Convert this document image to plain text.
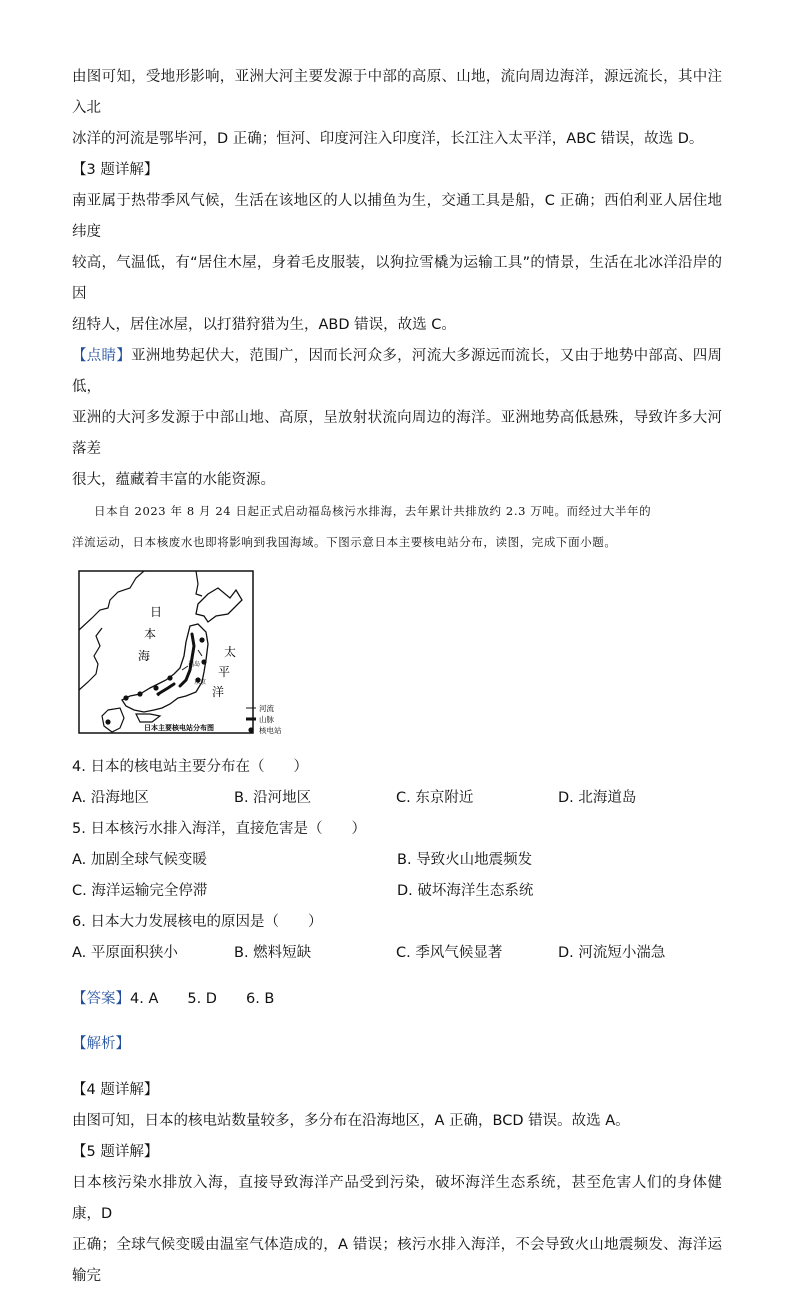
由图可知，受地形影响，亚洲大河主要发源于中部的高原、山地，流向周边海洋，源远流长，其中注入北

冰洋的河流是鄂毕河，D 正确；恒河、印度河注入印度洋，长江注入太平洋，ABC 错误，故选 D。

【3 题详解】

南亚属于热带季风气候，生活在该地区的人以捕鱼为生，交通工具是船，C 正确；西伯利亚人居住地纬度

较高，气温低，有“居住木屋，身着毛皮服装，以狗拉雪橇为运输工具”的情景，生活在北冰洋沿岸的因

纽特人，居住冰屋，以打猎狩猎为生，ABD 错误，故选 C。

【点睛】亚洲地势起伏大，范围广，因而长河众多，河流大多源远而流长，又由于地势中部高、四周低，

亚洲的大河多发源于中部山地、高原，呈放射状流向周边的海洋。亚洲地势高低悬殊，导致许多大河落差

很大，蕴藏着丰富的水能资源。

日本自 2023 年 8 月 24 日起正式启动福岛核污水排海，去年累计共排放约 2.3 万吨。而经过大半年的

洋流运动，日本核废水也即将影响到我国海域。下图示意日本主要核电站分布，读图，完成下面小题。

日
本
海	太
平
洋
福岛
东京
日本主要核电站分布图
河流
山脉
核电站

4. 日本的核电站主要分布在（　　）

A. 沿海地区	B. 沿河地区	C. 东京附近	D. 北海道岛

5. 日本核污水排入海洋，直接危害是（　　）

A. 加剧全球气候变暖	B. 导致火山地震频发
C. 海洋运输完全停滞	D. 破坏海洋生态系统

6. 日本大力发展核电的原因是（　　）

A. 平原面积狭小	B. 燃料短缺	C. 季风气候显著	D. 河流短小湍急

【答案】4. A　　5. D　　6. B

【解析】

【4 题详解】

由图可知，日本的核电站数量较多，多分布在沿海地区，A 正确，BCD 错误。故选 A。

【5 题详解】

日本核污染水排放入海，直接导致海洋产品受到污染，破坏海洋生态系统，甚至危害人们的身体健康，D

正确；全球气候变暖由温室气体造成的，A 错误；核污水排入海洋，不会导致火山地震频发、海洋运输完
